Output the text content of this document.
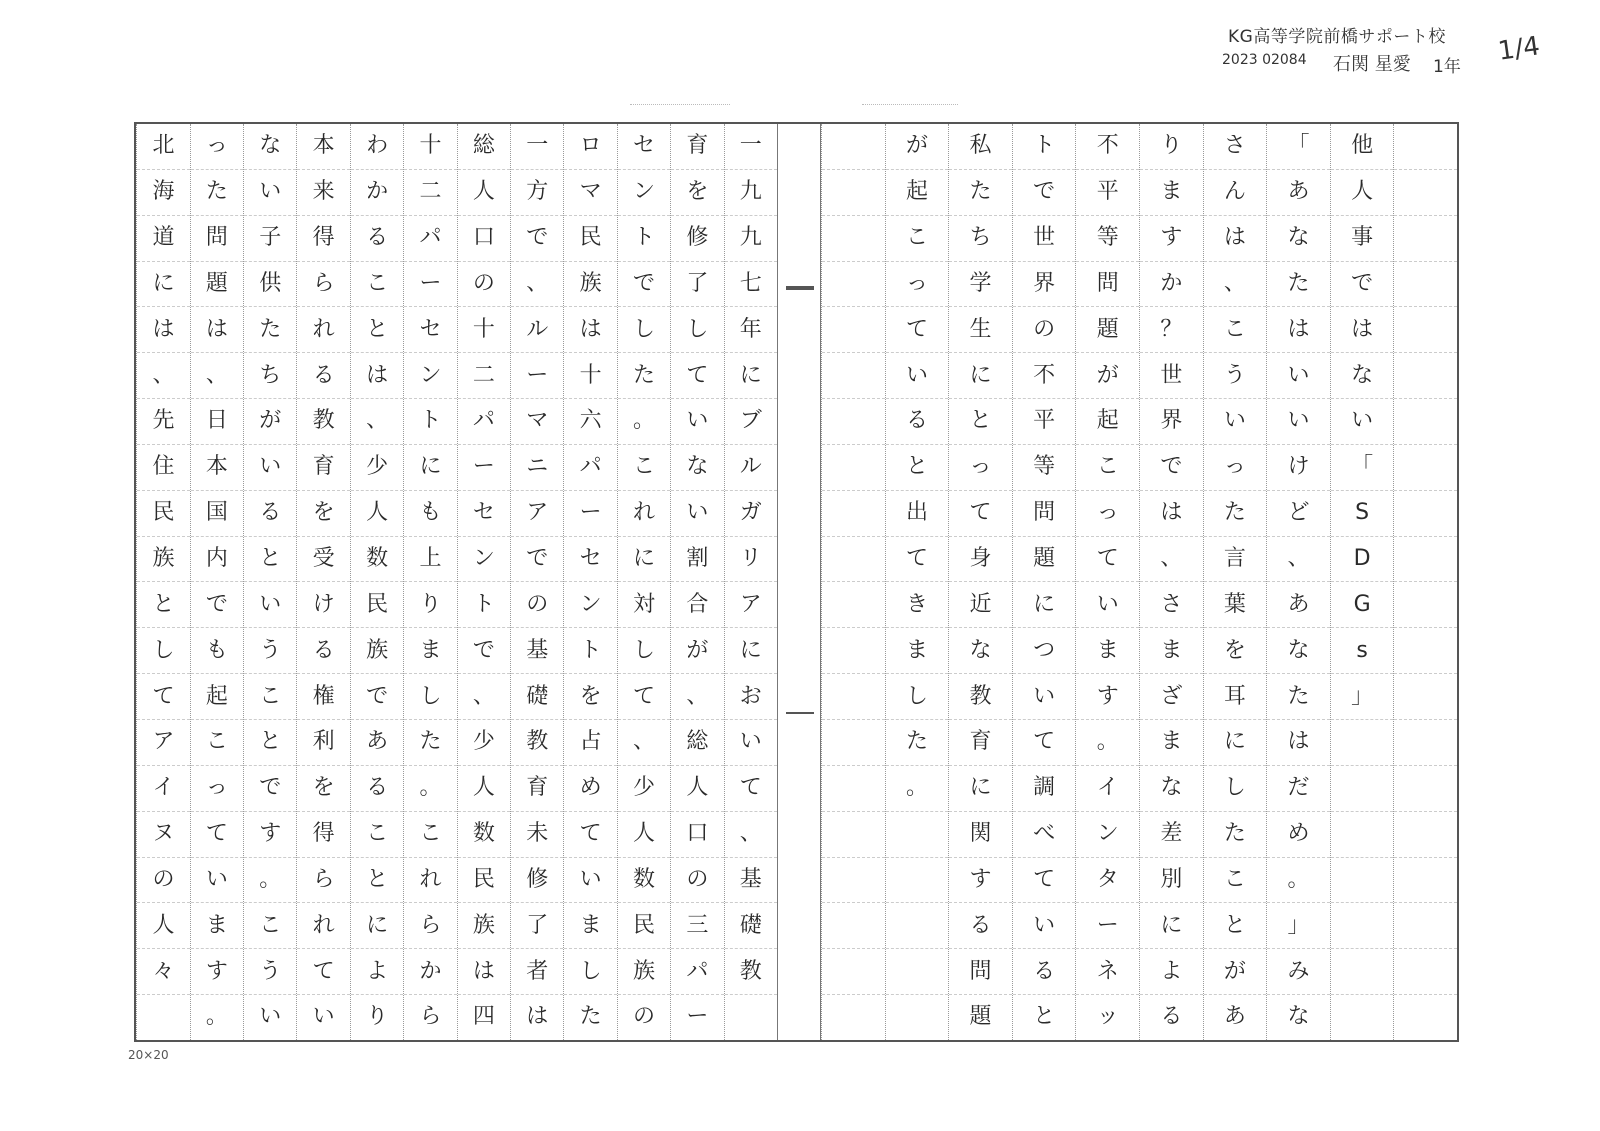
KG高等学院前橋サポート校
2023 02084 石関 星愛 1年
1/4
他
人
事
で
は
な
い
「
S
D
G
s
」
「
あ
な
た
は
い
い
け
ど
、
あ
な
た
は
だ
め
。
」
み
な
さ
ん
は
、
こ
う
い
っ
た
言
葉
を
耳
に
し
た
こ
と
が
あ
り
ま
す
か
？
世
界
で
は
、
さ
ま
ざ
ま
な
差
別
に
よ
る
不
平
等
問
題
が
起
こ
っ
て
い
ま
す
。
イ
ン
タ
ー
ネ
ッ
ト
で
世
界
の
不
平
等
問
題
に
つ
い
て
調
べ
て
い
る
と
私
た
ち
学
生
に
と
っ
て
身
近
な
教
育
に
関
す
る
問
題
が
起
こ
っ
て
い
る
と
出
て
き
ま
し
た
。
一
九
九
七
年
に
ブ
ル
ガ
リ
ア
に
お
い
て
、
基
礎
教
育
を
修
了
し
て
い
な
い
割
合
が
、
総
人
口
の
三
パ
ー
セ
ン
ト
で
し
た
。
こ
れ
に
対
し
て
、
少
人
数
民
族
の
ロ
マ
民
族
は
十
六
パ
ー
セ
ン
ト
を
占
め
て
い
ま
し
た
一
方
で
、
ル
ー
マ
ニ
ア
で
の
基
礎
教
育
未
修
了
者
は
総
人
口
の
十
二
パ
ー
セ
ン
ト
で
、
少
人
数
民
族
は
四
十
二
パ
ー
セ
ン
ト
に
も
上
り
ま
し
た
。
こ
れ
ら
か
ら
わ
か
る
こ
と
は
、
少
人
数
民
族
で
あ
る
こ
と
に
よ
り
本
来
得
ら
れ
る
教
育
を
受
け
る
権
利
を
得
ら
れ
て
い
な
い
子
供
た
ち
が
い
る
と
い
う
こ
と
で
す
。
こ
う
い
っ
た
問
題
は
、
日
本
国
内
で
も
起
こ
っ
て
い
ま
す
。
北
海
道
に
は
、
先
住
民
族
と
し
て
ア
イ
ヌ
の
人
々
20×20
